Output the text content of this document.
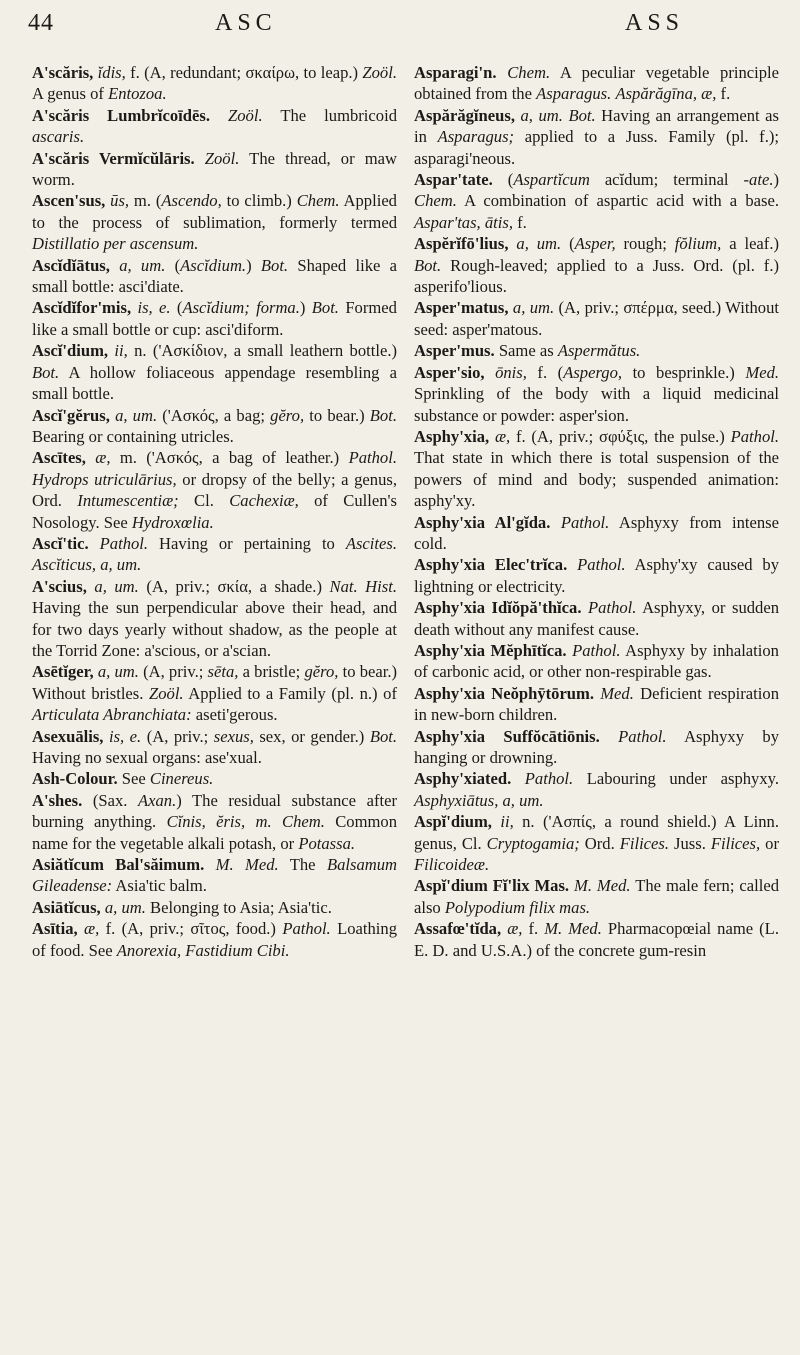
44	ASC	ASS

A'scăris, ĭdis, f. (A, redundant; σκαίρω, to leap.) Zoöl. A genus of Entozoa.

A'scăris Lumbrĭcoīdēs. Zoöl. The lumbricoid ascaris.

A'scăris Vermĭcŭlāris. Zoöl. The thread, or maw worm.

Ascen'sus, ūs, m. (Ascendo, to climb.) Chem. Applied to the process of sublimation, formerly termed Distillatio per ascensum.

Ascĭdĭātus, a, um. (Ascĭdium.) Bot. Shaped like a small bottle: asci'diate.

Ascĭdĭfor'mis, is, e. (Ascĭdium; forma.) Bot. Formed like a small bottle or cup: asci'diform.

Ascĭ'dium, ii, n. ('Ασκίδιον, a small leathern bottle.) Bot. A hollow foliaceous appendage resembling a small bottle.

Ascĭ'gĕrus, a, um. ('Ασκός, a bag; gĕro, to bear.) Bot. Bearing or containing utricles.

Ascītes, æ, m. ('Ασκός, a bag of leather.) Pathol. Hydrops utriculārius, or dropsy of the belly; a genus, Ord. Intumescentiæ; Cl. Cachexiæ, of Cullen's Nosology. See Hydroxœlia.

Ascĭ'tic. Pathol. Having or pertaining to Ascites. Ascĭticus, a, um.

A'scius, a, um. (A, priv.; σκία, a shade.) Nat. Hist. Having the sun perpendicular above their head, and for two days yearly without shadow, as the people at the Torrid Zone: a'scious, or a'scian.

Asētĭger, a, um. (A, priv.; sēta, a bristle; gĕro, to bear.) Without bristles. Zoöl. Applied to a Family (pl. n.) of Articulata Abranchiata: aseti'gerous.

Asexuālis, is, e. (A, priv.; sexus, sex, or gender.) Bot. Having no sexual organs: ase'xual.

Ash-Colour. See Cinereus.

A'shes. (Sax. Axan.) The residual substance after burning anything. Cĭnis, ĕris, m. Chem. Common name for the vegetable alkali potash, or Potassa.

Asiătĭcum Bal'săimum. M. Med. The Balsamum Gileadense: Asia'tic balm.

Asiātĭcus, a, um. Belonging to Asia; Asia'tic.

Asītia, æ, f. (A, priv.; σῖτος, food.) Pathol. Loathing of food. See Anorexia, Fastidium Cibi.

Asparagi'n. Chem. A peculiar vegetable principle obtained from the Asparagus. Aspărăgīna, æ, f.

Aspărăgĭneus, a, um. Bot. Having an arrangement as in Asparagus; applied to a Juss. Family (pl. f.); asparagi'neous.

Aspar'tate. (Aspartĭcum acĭdum; terminal -ate.) Chem. A combination of aspartic acid with a base. Aspar'tas, ātis, f.

Aspĕrĭfō'lius, a, um. (Asper, rough; fŏlium, a leaf.) Bot. Rough-leaved; applied to a Juss. Ord. (pl. f.) asperifo'lious.

Asper'matus, a, um. (A, priv.; σπέρμα, seed.) Without seed: asper'matous.

Asper'mus. Same as Aspermătus.

Asper'sio, ōnis, f. (Aspergo, to besprinkle.) Med. Sprinkling of the body with a liquid medicinal substance or powder: asper'sion.

Asphy'xia, æ, f. (A, priv.; σφύξις, the pulse.) Pathol. That state in which there is total suspension of the powers of mind and body; suspended animation: asphy'xy.

Asphy'xia Al'gĭda. Pathol. Asphyxy from intense cold.

Asphy'xia Elec'trĭca. Pathol. Asphy'xy caused by lightning or electricity.

Asphy'xia Idĭŏpă'thĭca. Pathol. Asphyxy, or sudden death without any manifest cause.

Asphy'xia Mĕphītĭca. Pathol. Asphyxy by inhalation of carbonic acid, or other non-respirable gas.

Asphy'xia Neŏphȳtōrum. Med. Deficient respiration in new-born children.

Asphy'xia Suffŏcātiōnis. Pathol. Asphyxy by hanging or drowning.

Asphy'xiated. Pathol. Labouring under asphyxy. Asphyxiātus, a, um.

Aspĭ'dium, ii, n. ('Ασπίς, a round shield.) A Linn. genus, Cl. Cryptogamia; Ord. Filices. Juss. Filices, or Filicoideæ.

Aspĭ'dium Fĭ'lix Mas. M. Med. The male fern; called also Polypodium filix mas.

Assafœ'tĭda, æ, f. M. Med. Pharmacopœial name (L. E. D. and U.S.A.) of the concrete gum-resin
